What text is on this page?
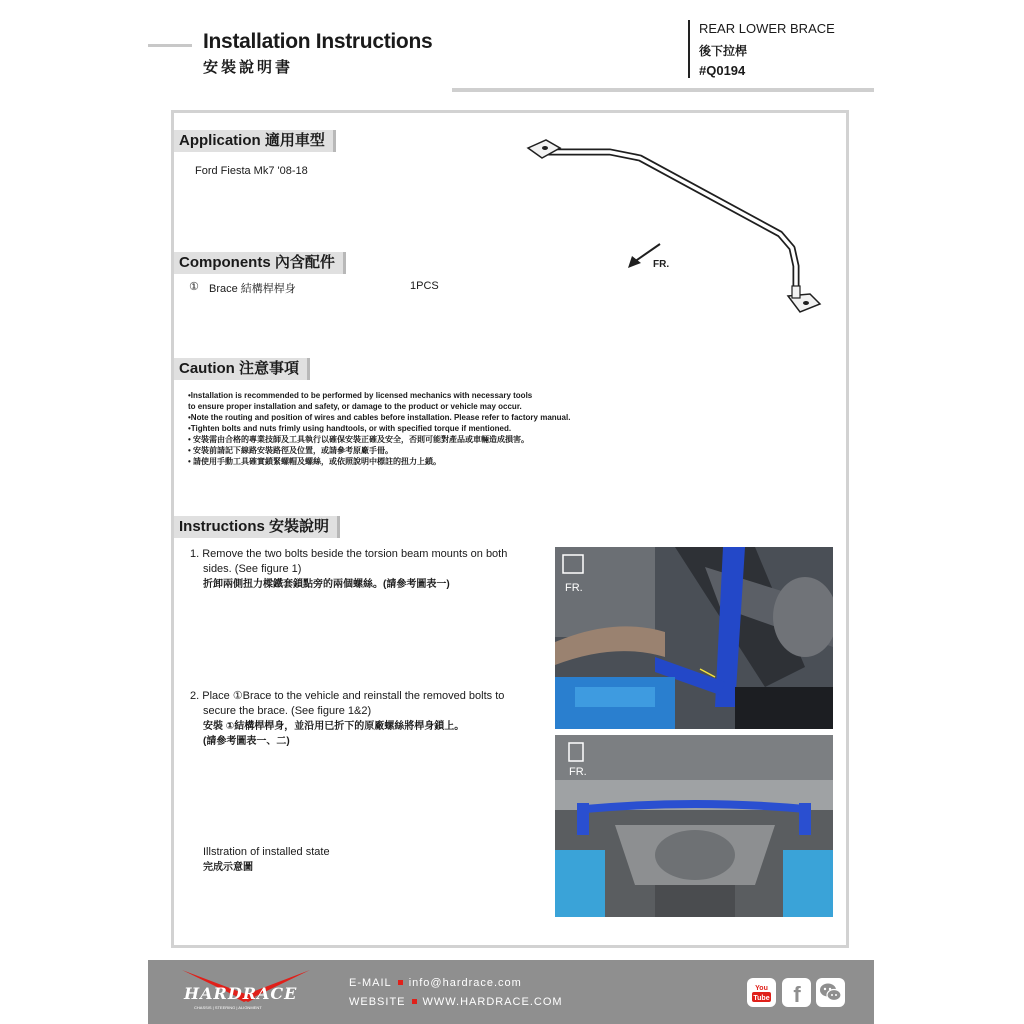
Installation Instructions
安裝說明書
REAR LOWER BRACE
後下拉桿
#Q0194
Application 適用車型
Ford Fiesta Mk7 '08-18
FR.
Components 內含配件
① Brace 結構桿桿身	1PCS
Caution 注意事項
•Installation is recommended to be performed by licensed mechanics with necessary tools
to ensure proper installation and safety, or damage to the product or vehicle may occur.
•Note the routing and position of wires and cables before installation. Please refer to factory manual.
•Tighten bolts and nuts frimly using handtools, or with specified torque if mentioned.
• 安裝需由合格的專業技師及工具執行以確保安裝正確及安全，否則可能對產品或車輛造成損害。
• 安裝前請記下線路安裝路徑及位置，或請參考原廠手冊。
• 請使用手動工具確實鎖緊螺帽及螺絲，或依照說明中標註的扭力上鎖。
Instructions 安裝說明
1. Remove the two bolts beside the torsion beam mounts on both
sides. (See figure 1)
折卸兩側扭力樑鐵套鎖點旁的兩個螺絲。(請參考圖表一)
2. Place ①Brace to the vehicle and reinstall the removed bolts to
secure the brace. (See figure 1&2)
安裝 ①結構桿桿身，並沿用已折下的原廠螺絲將桿身鎖上。
(請參考圖表一、二)
Illstration of installed state
完成示意圖
FR.
FR.
HARDRACE
CHASSIS | STEERING | ALIGNMENT
E-MAIL info@hardrace.com
WEBSITE WWW.HARDRACE.COM
You
Tube f
